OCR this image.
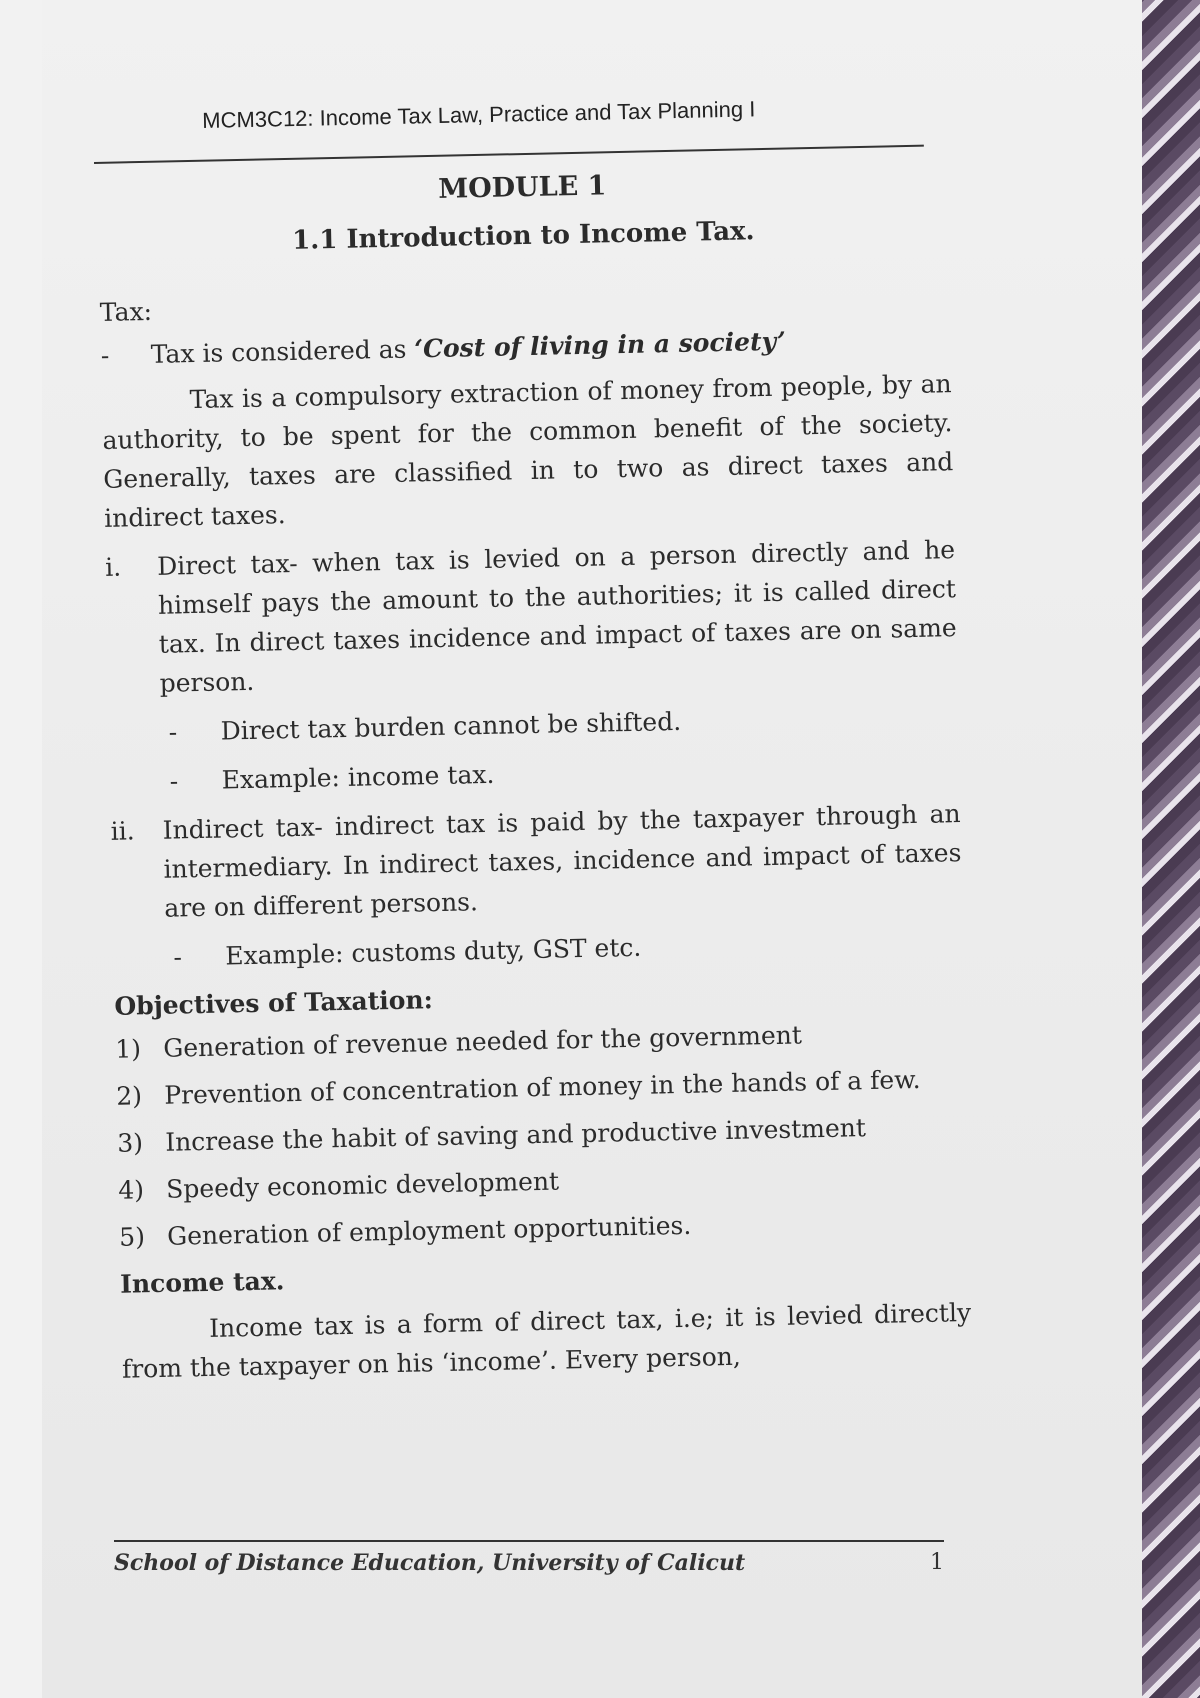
MCM3C12: Income Tax Law, Practice and Tax Planning I
MODULE 1
1.1 Introduction to Income Tax.
Tax:
-	Tax is considered as ‘Cost of living in a society’
Tax is a compulsory extraction of money from people, by an authority, to be spent for the common benefit of the society. Generally, taxes are classified in to two as direct taxes and indirect taxes.
i.	Direct tax- when tax is levied on a person directly and he himself pays the amount to the authorities; it is called direct tax. In direct taxes incidence and impact of taxes are on same person.
-	Direct tax burden cannot be shifted.
-	Example: income tax.
ii.	Indirect tax- indirect tax is paid by the taxpayer through an intermediary. In indirect taxes, incidence and impact of taxes are on different persons.
-	Example: customs duty, GST etc.
Objectives of Taxation:
1) Generation of revenue needed for the government
2) Prevention of concentration of money in the hands of a few.
3) Increase the habit of saving and productive investment
4) Speedy economic development
5) Generation of employment opportunities.
Income tax.
Income tax is a form of direct tax, i.e; it is levied directly from the taxpayer on his ‘income’. Every person,
School of Distance Education, University of Calicut	1
